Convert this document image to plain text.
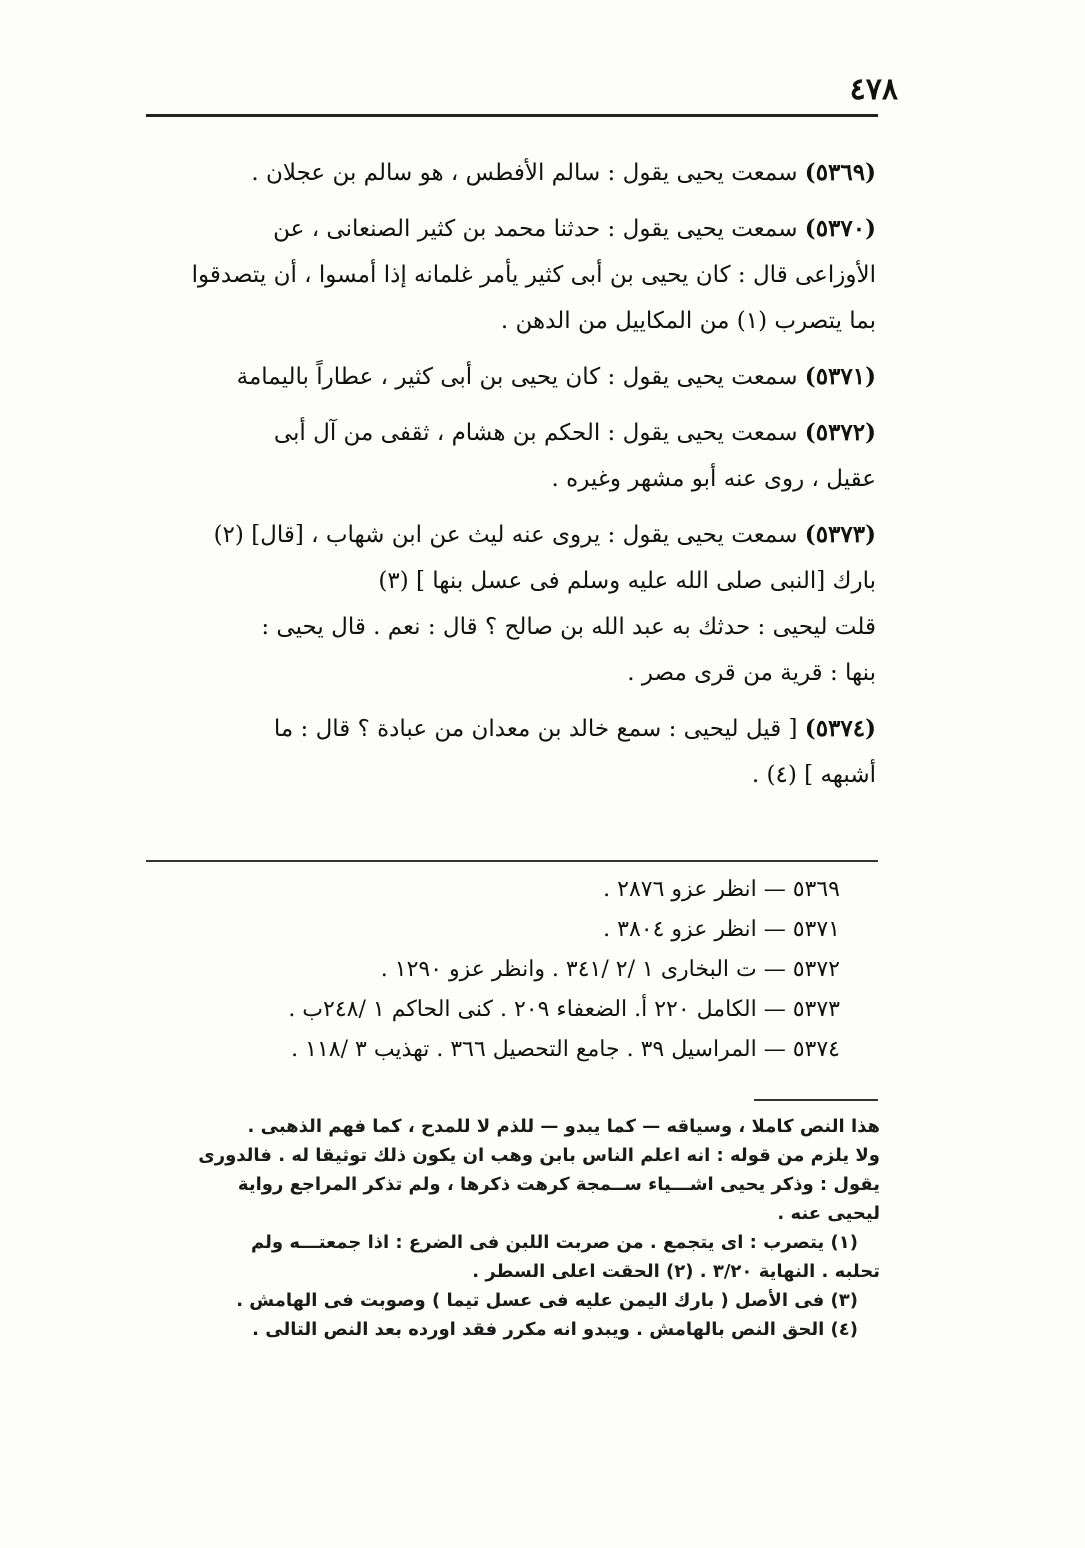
٤٧٨

(٥٣٦٩) سمعت يحيى يقول : سالم الأفطس ، هو سالم بن عجلان .

(٥٣٧٠) سمعت يحيى يقول : حدثنا محمد بن كثير الصنعانى ، عن

الأوزاعى قال : كان يحيى بن أبى كثير يأمر غلمانه إذا أمسوا ، أن يتصدقوا

بما يتصرب (١) من المكاييل من الدهن .

(٥٣٧١) سمعت يحيى يقول : كان يحيى بن أبى كثير ، عطاراً باليمامة

(٥٣٧٢) سمعت يحيى يقول : الحكم بن هشام ، ثقفى من آل أبى

عقيل ، روى عنه أبو مشهر وغيره .

(٥٣٧٣) سمعت يحيى يقول : يروى عنه ليث عن ابن شهاب ، [قال] (٢)

بارك [النبى صلى الله عليه وسلم فى عسل بنها ] (٣)

قلت ليحيى : حدثك به عبد الله بن صالح ؟ قال : نعم . قال يحيى :

بنها : قرية من قرى مصر .

(٥٣٧٤) [ قيل ليحيى : سمع خالد بن معدان من عبادة ؟ قال : ما

أشبهه ] (٤) .

٥٣٦٩ — انظر عزو ٢٨٧٦ .
٥٣٧١ — انظر عزو ٣٨٠٤ .
٥٣٧٢ — ت البخارى ١ /٢ /٣٤١ . وانظر عزو ١٢٩٠ .
٥٣٧٣ — الكامل ٢٢٠ أ. الضعفاء ٢٠٩ . كنى الحاكم ١ /٢٤٨ب .
٥٣٧٤ — المراسيل ٣٩ . جامع التحصيل ٣٦٦ . تهذيب ٣ /١١٨ .

هذا النص كاملا ، وسياقه — كما يبدو — للذم لا للمدح ، كما فهم الذهبى .

ولا يلزم من قوله : انه اعلم الناس بابن وهب ان يكون ذلك توثيقا له . فالدورى

يقول : وذكر يحيى اشـــياء ســمجة كرهت ذكرها ، ولم تذكر المراجع رواية

ليحيى عنه .

(١) يتصرب : اى يتجمع . من صربت اللبن فى الضرع : اذا جمعتـــه ولم

تحلبه . النهاية ٣/٢٠ . (٢) الحقت اعلى السطر .

(٣) فى الأصل ( بارك اليمن عليه فى عسل تيما ) وصوبت فى الهامش .

(٤) الحق النص بالهامش . ويبدو انه مكرر فقد اورده بعد النص التالى .
